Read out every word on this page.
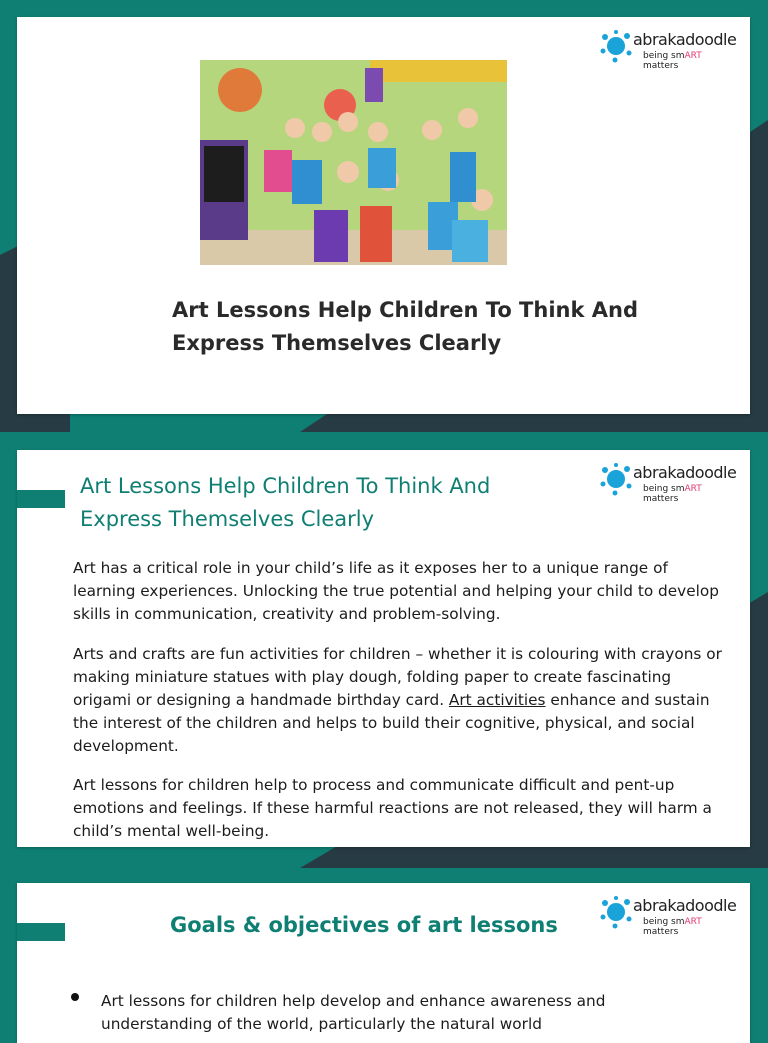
abrakadoodle
being smART matters
Art Lessons Help Children To Think And
Express Themselves Clearly
abrakadoodle
being smART matters
Art Lessons Help Children To Think And
Express Themselves Clearly

Art has a critical role in your child’s life as it exposes her to a unique range of learning experiences. Unlocking the true potential and helping your child to develop skills in communication, creativity and problem-solving.

Arts and crafts are fun activities for children – whether it is colouring with crayons or making miniature statues with play dough, folding paper to create fascinating origami or designing a handmade birthday card. Art activities enhance and sustain the interest of the children and helps to build their cognitive, physical, and social development.

Art lessons for children help to process and communicate difficult and pent-up emotions and feelings. If these harmful reactions are not released, they will harm a child’s mental well-being.

abrakadoodle
being smART matters
Goals & objectives of art lessons
Art lessons for children help develop and enhance awareness and understanding of the world, particularly the natural world
